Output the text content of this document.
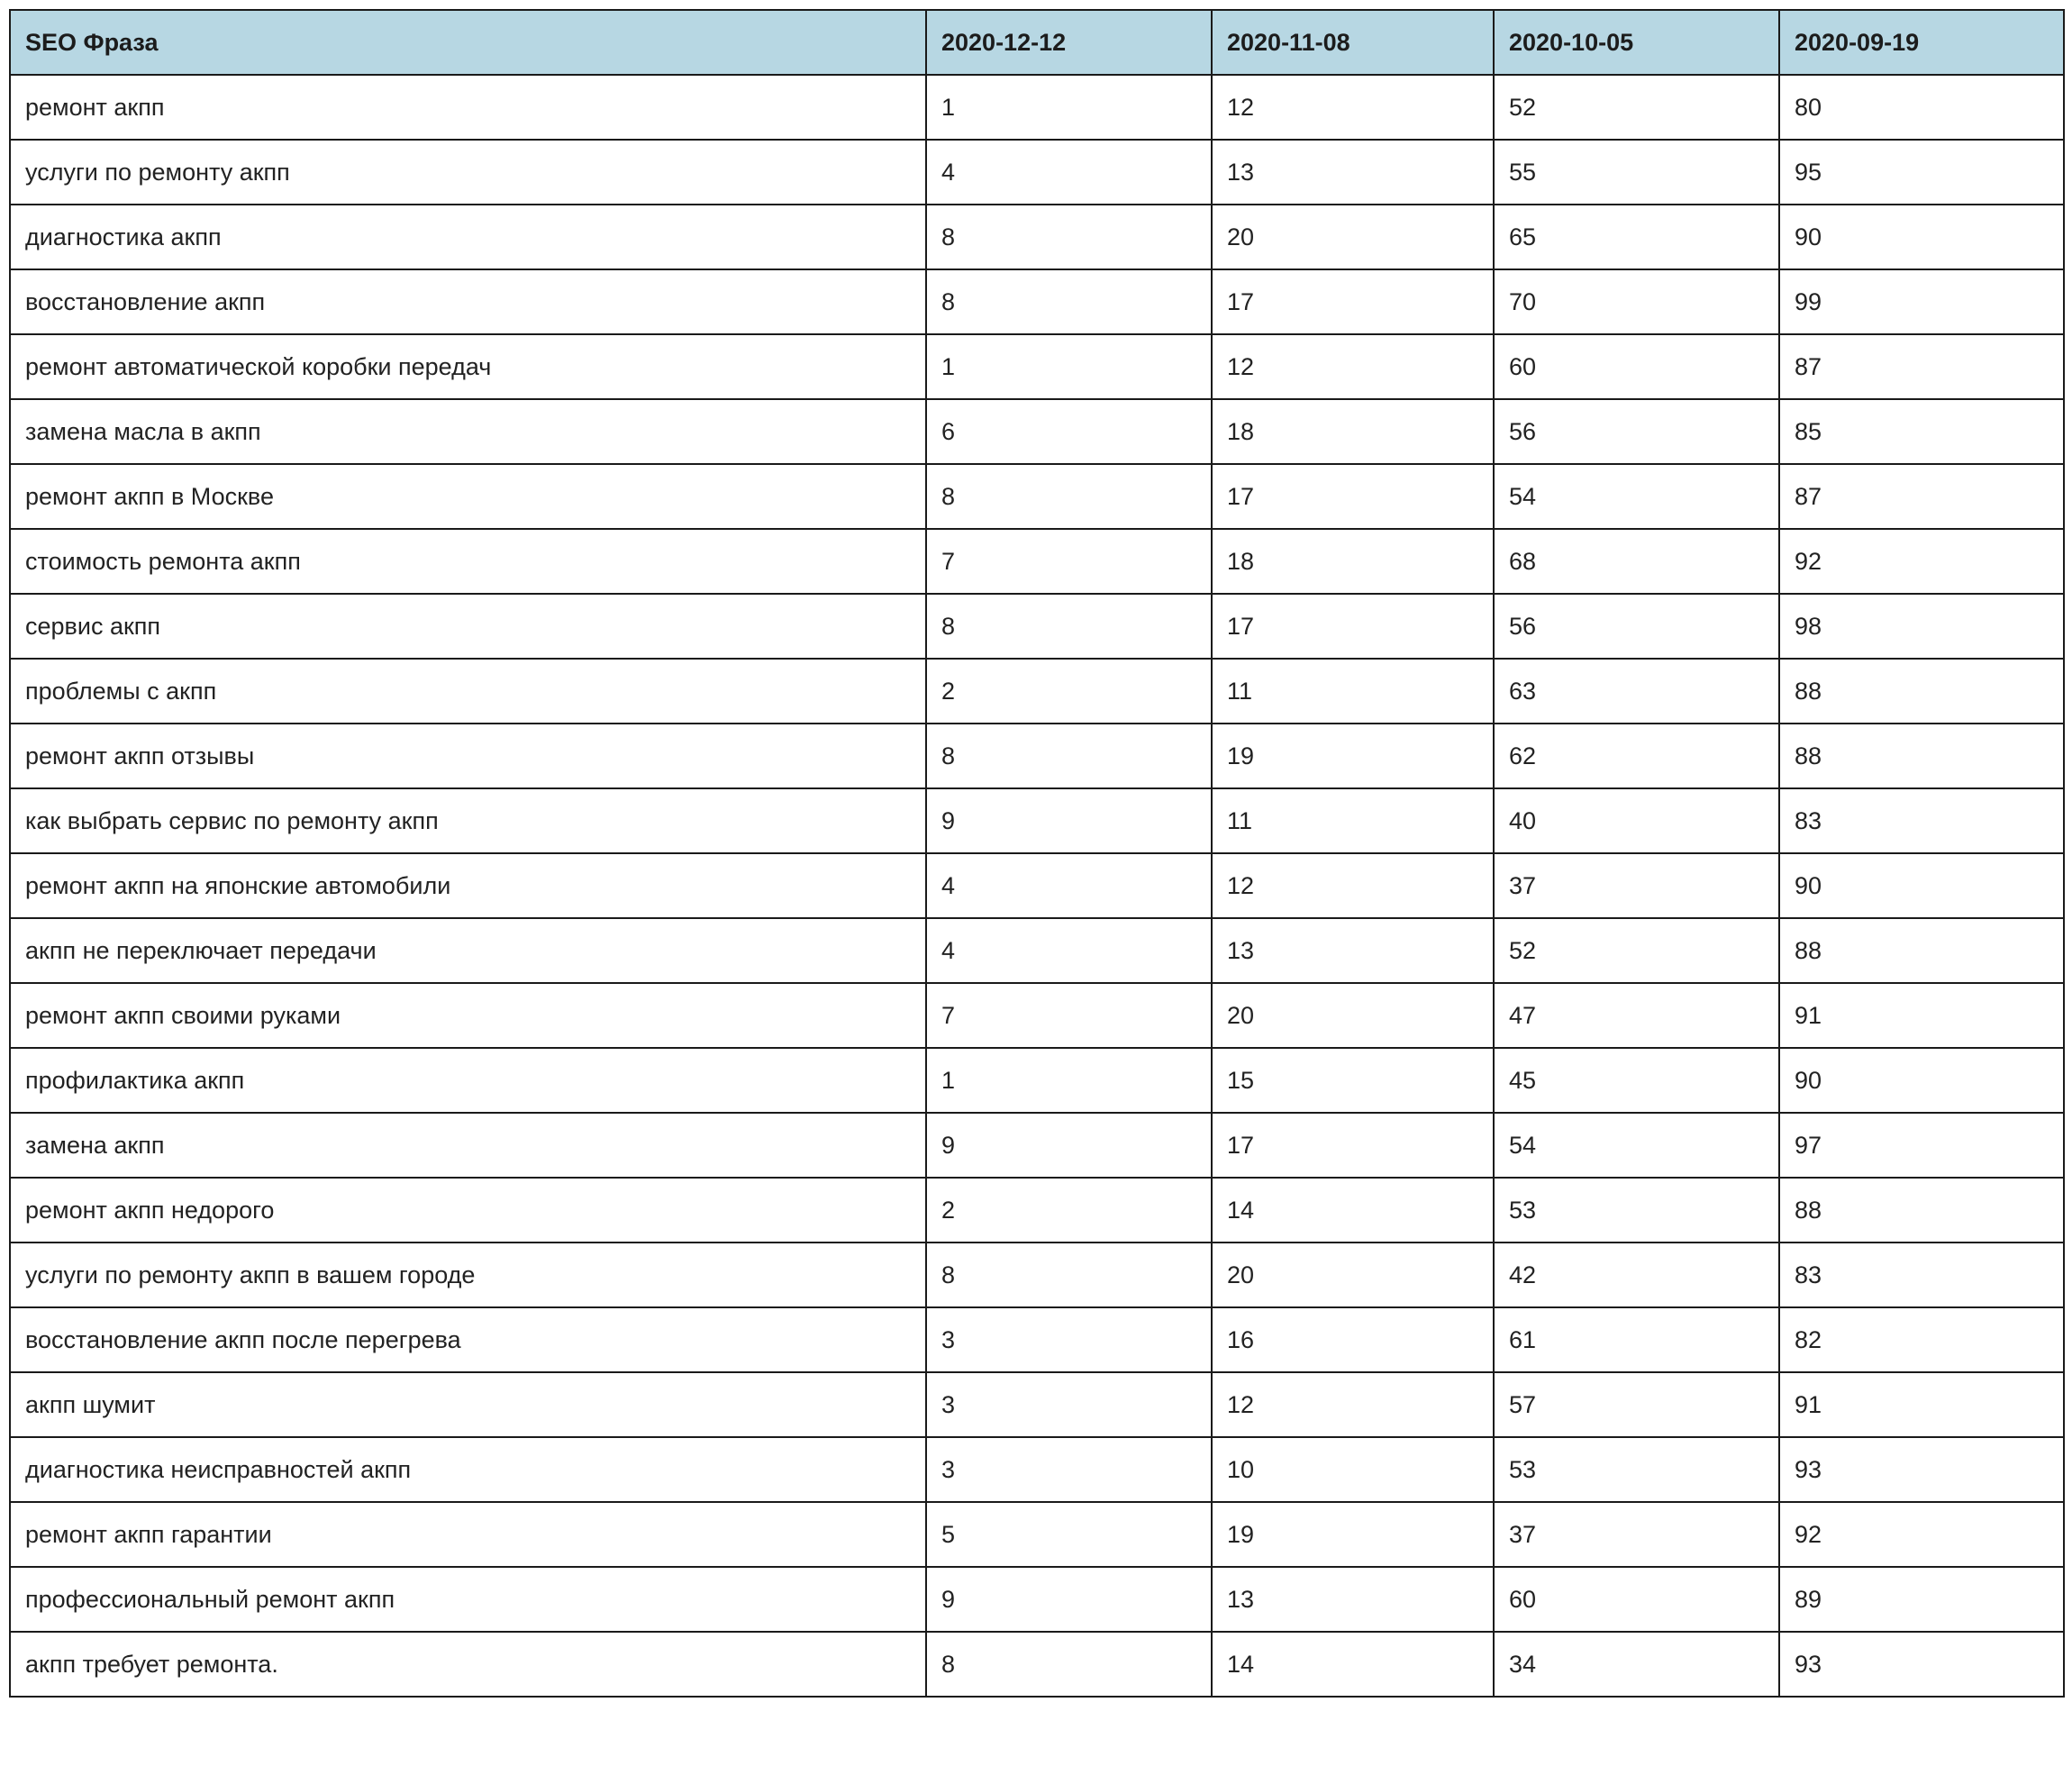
SEO Фраза	2020-12-12	2020-11-08	2020-10-05	2020-09-19
ремонт акпп	1	12	52	80
услуги по ремонту акпп	4	13	55	95
диагностика акпп	8	20	65	90
восстановление акпп	8	17	70	99
ремонт автоматической коробки передач	1	12	60	87
замена масла в акпп	6	18	56	85
ремонт акпп в Москве	8	17	54	87
стоимость ремонта акпп	7	18	68	92
сервис акпп	8	17	56	98
проблемы с акпп	2	11	63	88
ремонт акпп отзывы	8	19	62	88
как выбрать сервис по ремонту акпп	9	11	40	83
ремонт акпп на японские автомобили	4	12	37	90
акпп не переключает передачи	4	13	52	88
ремонт акпп своими руками	7	20	47	91
профилактика акпп	1	15	45	90
замена акпп	9	17	54	97
ремонт акпп недорого	2	14	53	88
услуги по ремонту акпп в вашем городе	8	20	42	83
восстановление акпп после перегрева	3	16	61	82
акпп шумит	3	12	57	91
диагностика неисправностей акпп	3	10	53	93
ремонт акпп гарантии	5	19	37	92
профессиональный ремонт акпп	9	13	60	89
акпп требует ремонта.	8	14	34	93
